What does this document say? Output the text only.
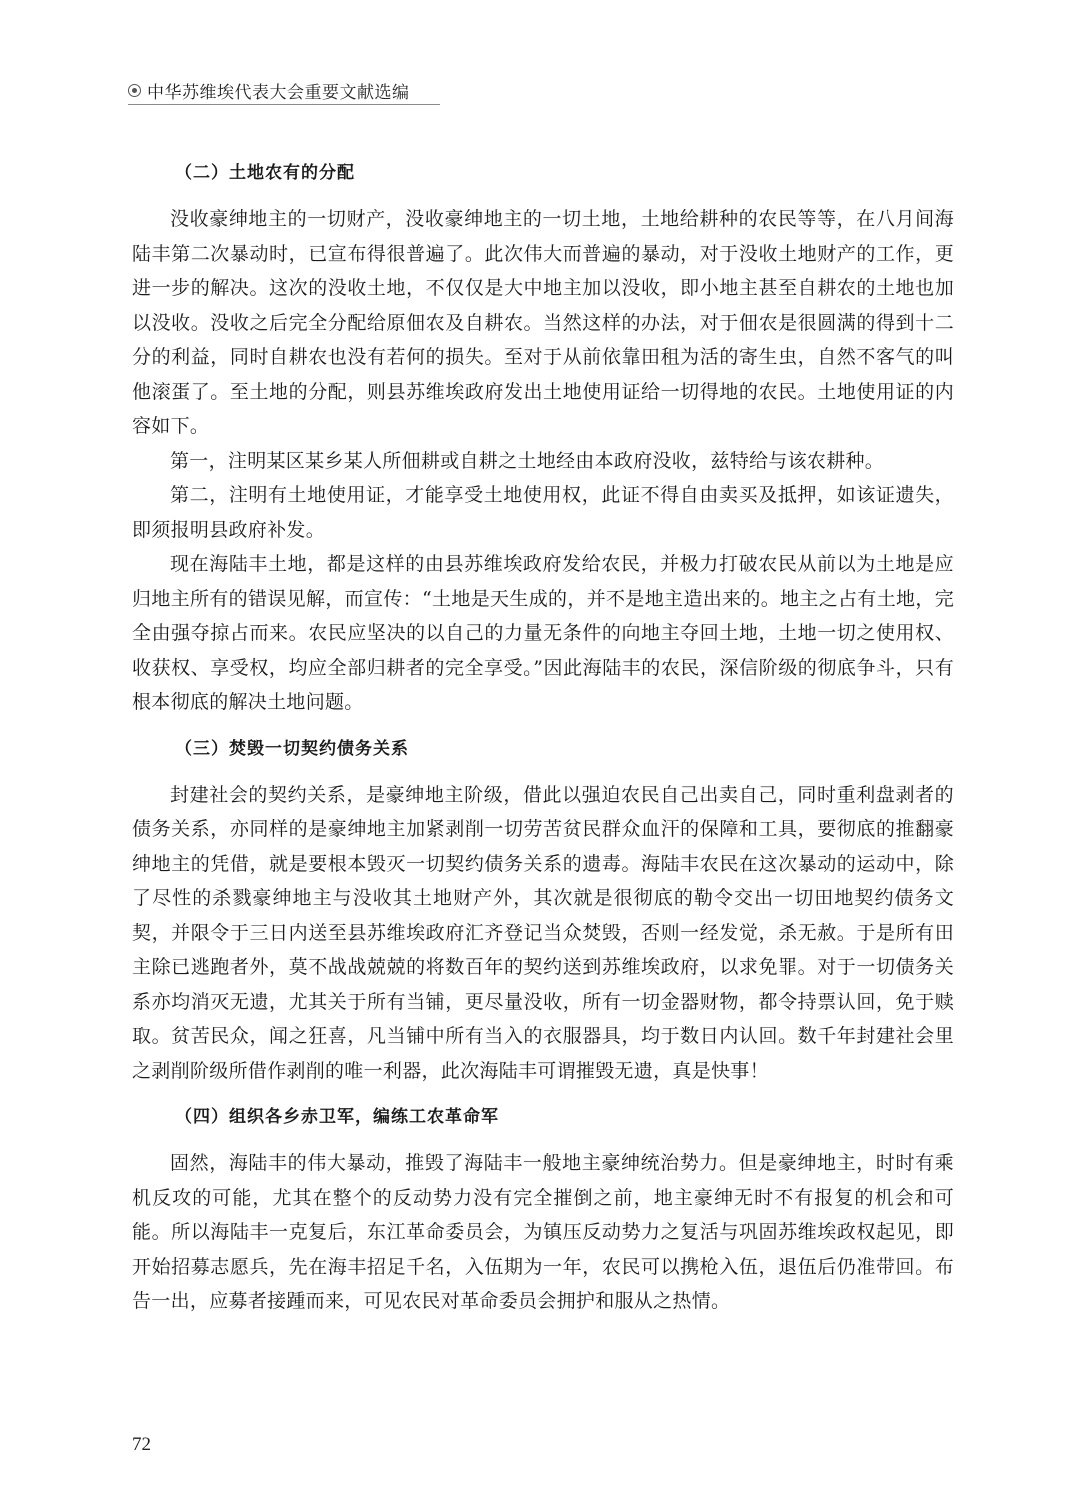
中华苏维埃代表大会重要文献选编
（二）土地农有的分配

没收豪绅地主的一切财产，没收豪绅地主的一切土地，土地给耕种的农民等等，在八月间海陆丰第二次暴动时，已宣布得很普遍了。此次伟大而普遍的暴动，对于没收土地财产的工作，更进一步的解决。这次的没收土地，不仅仅是大中地主加以没收，即小地主甚至自耕农的土地也加以没收。没收之后完全分配给原佃农及自耕农。当然这样的办法，对于佃农是很圆满的得到十二分的利益，同时自耕农也没有若何的损失。至对于从前依靠田租为活的寄生虫，自然不客气的叫他滚蛋了。至土地的分配，则县苏维埃政府发出土地使用证给一切得地的农民。土地使用证的内容如下。

第一，注明某区某乡某人所佃耕或自耕之土地经由本政府没收，兹特给与该农耕种。

第二，注明有土地使用证，才能享受土地使用权，此证不得自由卖买及抵押，如该证遗失，即须报明县政府补发。

现在海陆丰土地，都是这样的由县苏维埃政府发给农民，并极力打破农民从前以为土地是应归地主所有的错误见解，而宣传：“土地是天生成的，并不是地主造出来的。地主之占有土地，完全由强夺掠占而来。农民应坚决的以自己的力量无条件的向地主夺回土地，土地一切之使用权、收获权、享受权，均应全部归耕者的完全享受。”因此海陆丰的农民，深信阶级的彻底争斗，只有根本彻底的解决土地问题。

（三）焚毁一切契约债务关系

封建社会的契约关系，是豪绅地主阶级，借此以强迫农民自己出卖自己，同时重利盘剥者的债务关系，亦同样的是豪绅地主加紧剥削一切劳苦贫民群众血汗的保障和工具，要彻底的推翻豪绅地主的凭借，就是要根本毁灭一切契约债务关系的遗毒。海陆丰农民在这次暴动的运动中，除了尽性的杀戮豪绅地主与没收其土地财产外，其次就是很彻底的勒令交出一切田地契约债务文契，并限令于三日内送至县苏维埃政府汇齐登记当众焚毁，否则一经发觉，杀无赦。于是所有田主除已逃跑者外，莫不战战兢兢的将数百年的契约送到苏维埃政府，以求免罪。对于一切债务关系亦均消灭无遗，尤其关于所有当铺，更尽量没收，所有一切金器财物，都令持票认回，免于赎取。贫苦民众，闻之狂喜，凡当铺中所有当入的衣服器具，均于数日内认回。数千年封建社会里之剥削阶级所借作剥削的唯一利器，此次海陆丰可谓摧毁无遗，真是快事！

（四）组织各乡赤卫军，编练工农革命军

固然，海陆丰的伟大暴动，推毁了海陆丰一般地主豪绅统治势力。但是豪绅地主，时时有乘机反攻的可能，尤其在整个的反动势力没有完全摧倒之前，地主豪绅无时不有报复的机会和可能。所以海陆丰一克复后，东江革命委员会，为镇压反动势力之复活与巩固苏维埃政权起见，即开始招募志愿兵，先在海丰招足千名，入伍期为一年，农民可以携枪入伍，退伍后仍准带回。布告一出，应募者接踵而来，可见农民对革命委员会拥护和服从之热情。

72
